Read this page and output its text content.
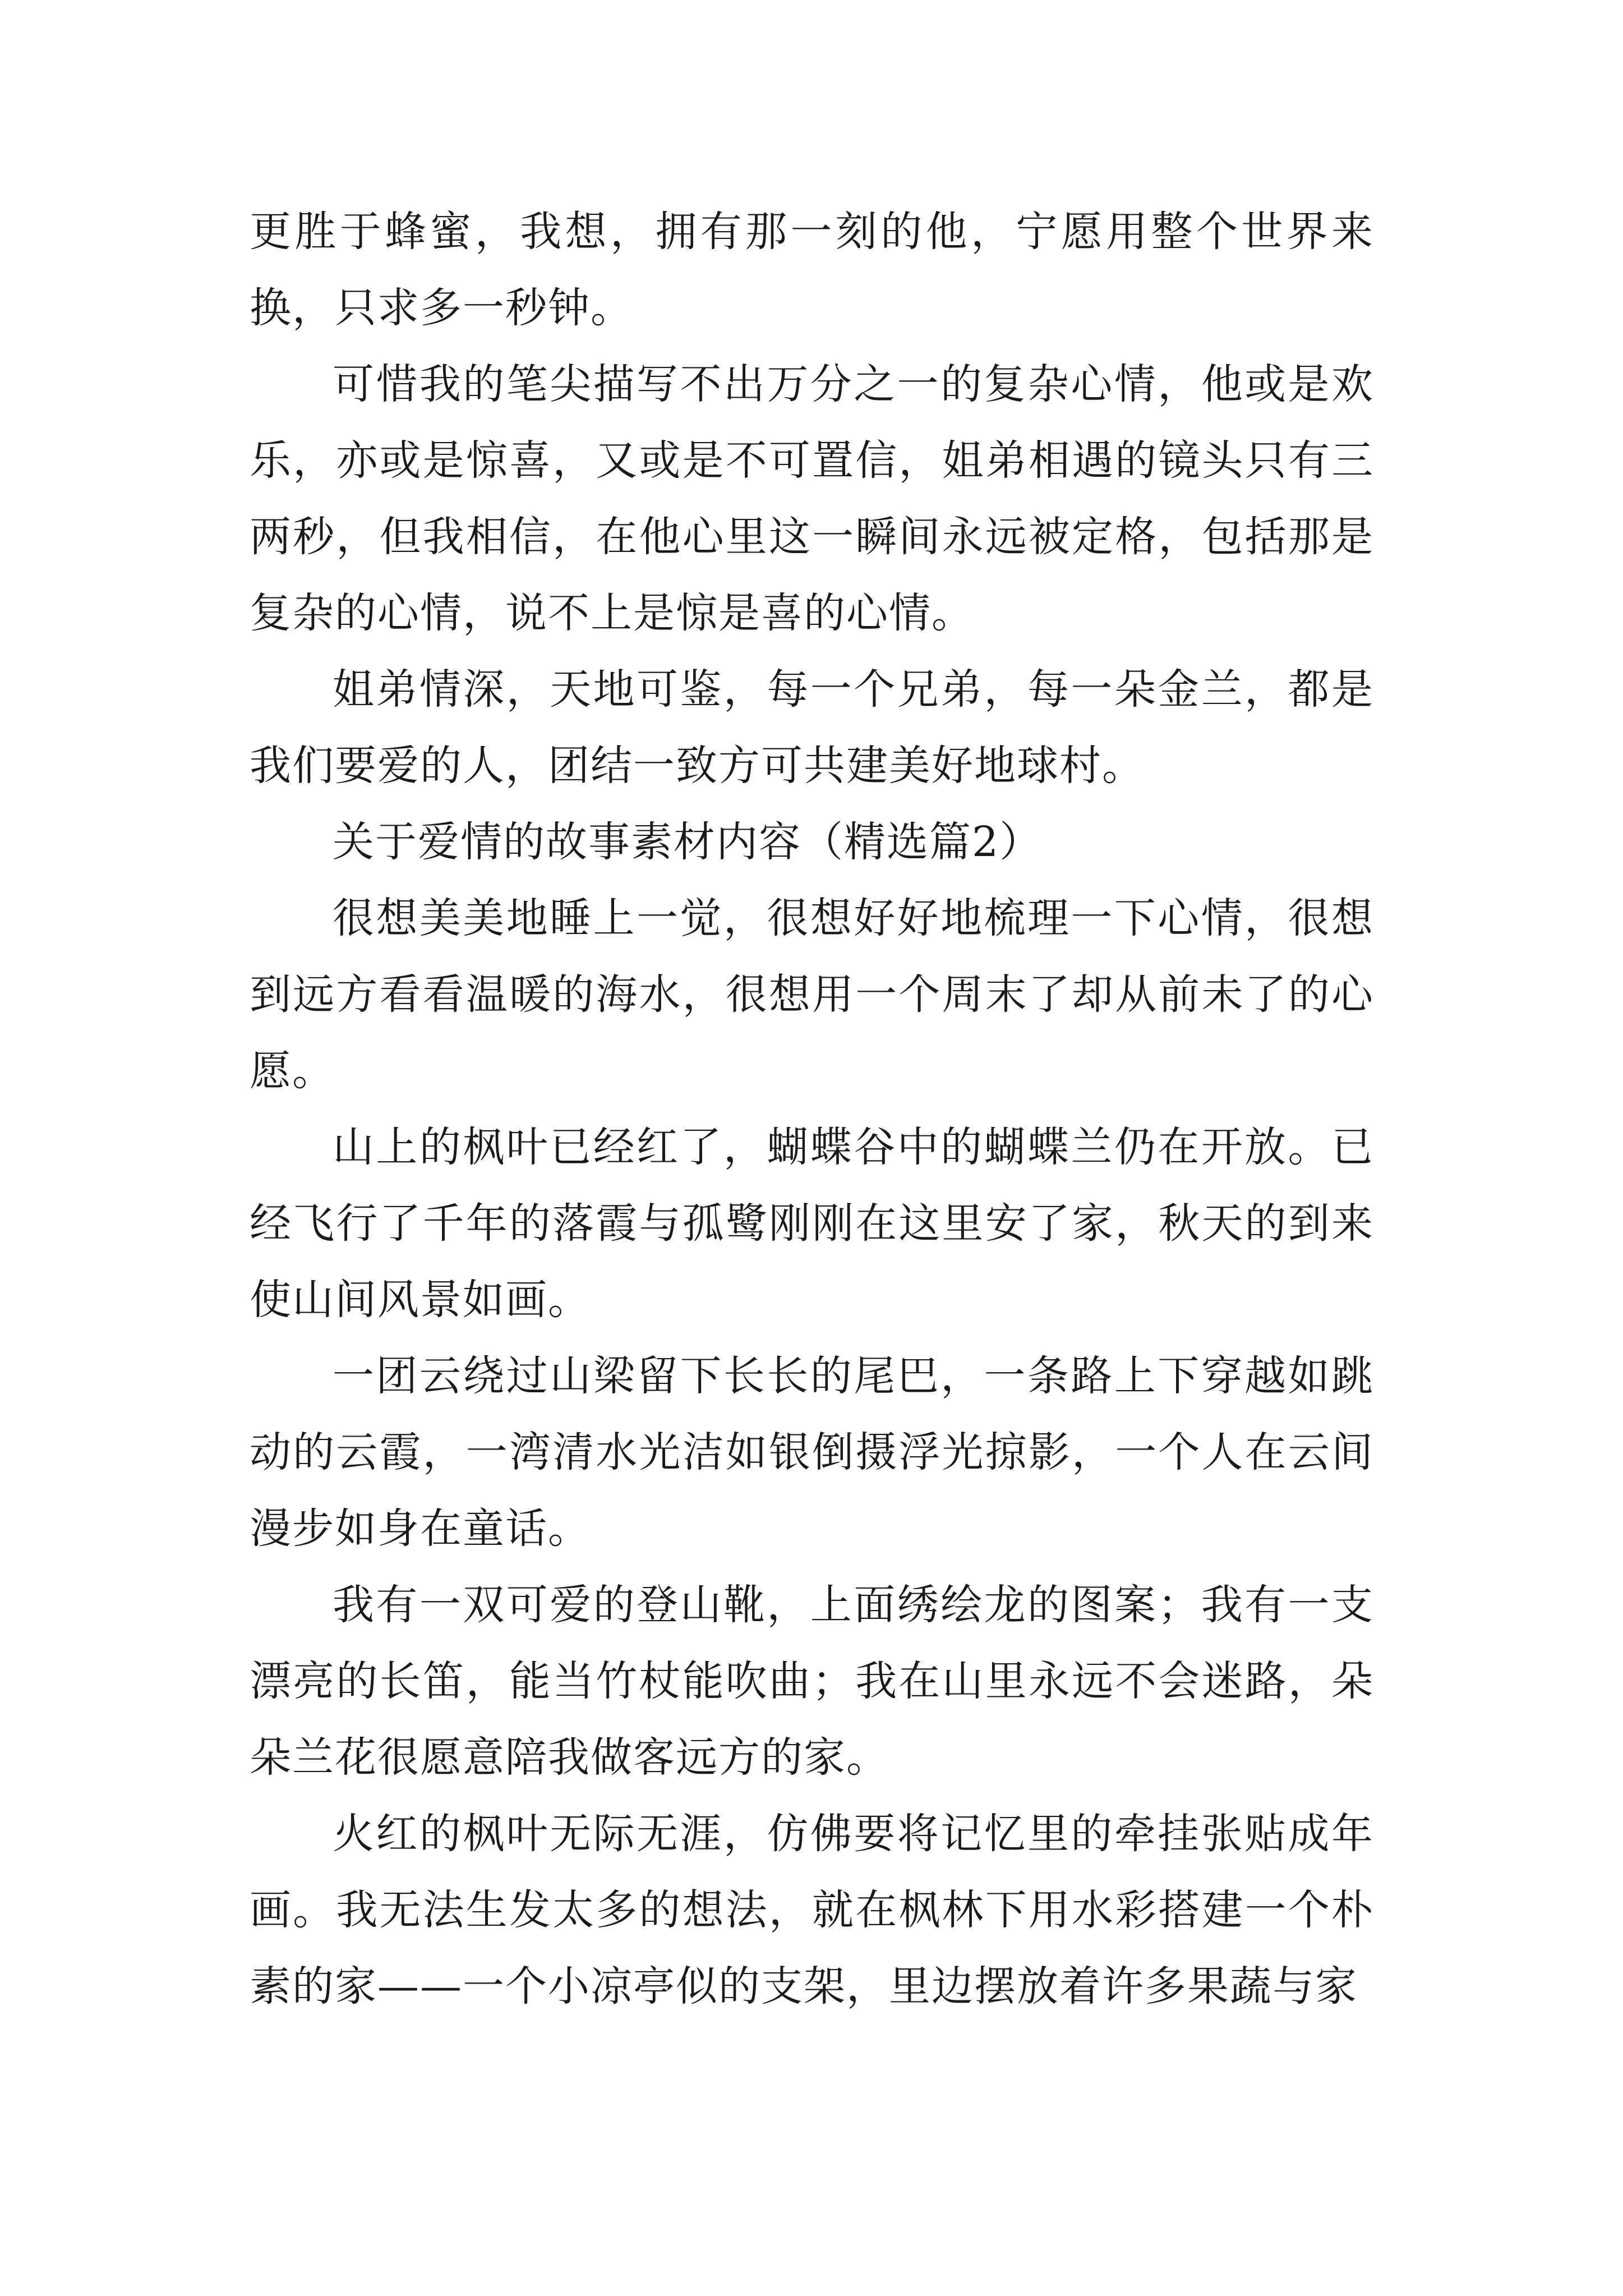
更胜于蜂蜜，我想，拥有那一刻的他，宁愿用整个世界来换，只求多一秒钟。

可惜我的笔尖描写不出万分之一的复杂心情，他或是欢乐，亦或是惊喜，又或是不可置信，姐弟相遇的镜头只有三两秒，但我相信，在他心里这一瞬间永远被定格，包括那是复杂的心情，说不上是惊是喜的心情。

姐弟情深，天地可鉴，每一个兄弟，每一朵金兰，都是我们要爱的人，团结一致方可共建美好地球村。

关于爱情的故事素材内容（精选篇2）

很想美美地睡上一觉，很想好好地梳理一下心情，很想到远方看看温暖的海水，很想用一个周末了却从前未了的心愿。

山上的枫叶已经红了，蝴蝶谷中的蝴蝶兰仍在开放。已经飞行了千年的落霞与孤鹭刚刚在这里安了家，秋天的到来使山间风景如画。

一团云绕过山梁留下长长的尾巴，一条路上下穿越如跳动的云霞，一湾清水光洁如银倒摄浮光掠影，一个人在云间漫步如身在童话。

我有一双可爱的登山靴，上面绣绘龙的图案；我有一支漂亮的长笛，能当竹杖能吹曲；我在山里永远不会迷路，朵朵兰花很愿意陪我做客远方的家。

火红的枫叶无际无涯，仿佛要将记忆里的牵挂张贴成年画。我无法生发太多的想法，就在枫林下用水彩搭建一个朴素的家——一个小凉亭似的支架，里边摆放着许多果蔬与家
